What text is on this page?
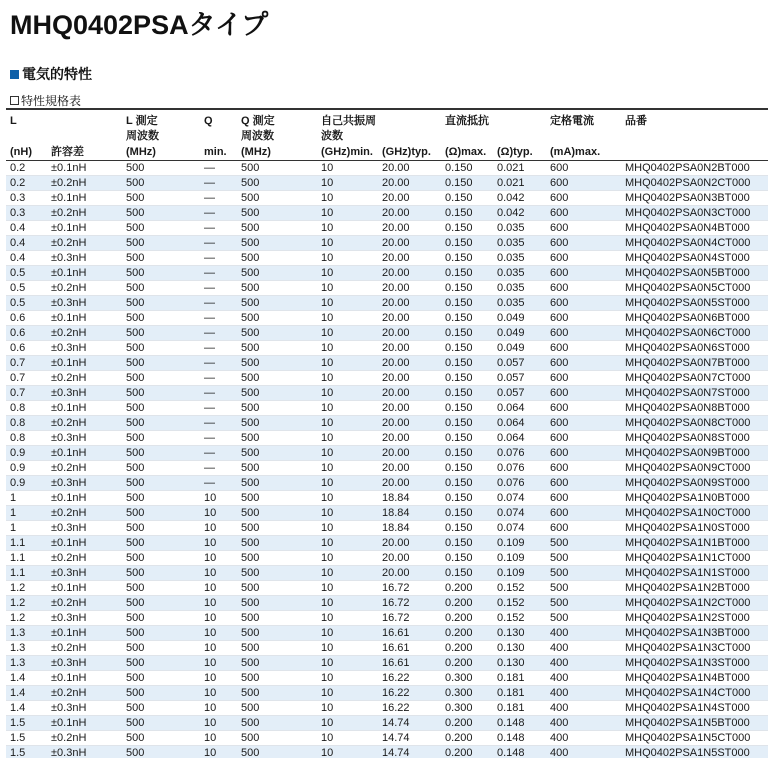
MHQ0402PSAタイプ
電気的特性
特性規格表
L		L 測定
周波数	Q	Q 測定
周波数	自己共振周波数		直流抵抗		定格電流	品番
(nH)	許容差	(MHz)	min.	(MHz)	(GHz)min.	(GHz)typ.	(Ω)max.	(Ω)typ.	(mA)max.	
0.2	±0.1nH	500	—	500	10	20.00	0.150	0.021	600	MHQ0402PSA0N2BT000
0.2	±0.2nH	500	—	500	10	20.00	0.150	0.021	600	MHQ0402PSA0N2CT000
0.3	±0.1nH	500	—	500	10	20.00	0.150	0.042	600	MHQ0402PSA0N3BT000
0.3	±0.2nH	500	—	500	10	20.00	0.150	0.042	600	MHQ0402PSA0N3CT000
0.4	±0.1nH	500	—	500	10	20.00	0.150	0.035	600	MHQ0402PSA0N4BT000
0.4	±0.2nH	500	—	500	10	20.00	0.150	0.035	600	MHQ0402PSA0N4CT000
0.4	±0.3nH	500	—	500	10	20.00	0.150	0.035	600	MHQ0402PSA0N4ST000
0.5	±0.1nH	500	—	500	10	20.00	0.150	0.035	600	MHQ0402PSA0N5BT000
0.5	±0.2nH	500	—	500	10	20.00	0.150	0.035	600	MHQ0402PSA0N5CT000
0.5	±0.3nH	500	—	500	10	20.00	0.150	0.035	600	MHQ0402PSA0N5ST000
0.6	±0.1nH	500	—	500	10	20.00	0.150	0.049	600	MHQ0402PSA0N6BT000
0.6	±0.2nH	500	—	500	10	20.00	0.150	0.049	600	MHQ0402PSA0N6CT000
0.6	±0.3nH	500	—	500	10	20.00	0.150	0.049	600	MHQ0402PSA0N6ST000
0.7	±0.1nH	500	—	500	10	20.00	0.150	0.057	600	MHQ0402PSA0N7BT000
0.7	±0.2nH	500	—	500	10	20.00	0.150	0.057	600	MHQ0402PSA0N7CT000
0.7	±0.3nH	500	—	500	10	20.00	0.150	0.057	600	MHQ0402PSA0N7ST000
0.8	±0.1nH	500	—	500	10	20.00	0.150	0.064	600	MHQ0402PSA0N8BT000
0.8	±0.2nH	500	—	500	10	20.00	0.150	0.064	600	MHQ0402PSA0N8CT000
0.8	±0.3nH	500	—	500	10	20.00	0.150	0.064	600	MHQ0402PSA0N8ST000
0.9	±0.1nH	500	—	500	10	20.00	0.150	0.076	600	MHQ0402PSA0N9BT000
0.9	±0.2nH	500	—	500	10	20.00	0.150	0.076	600	MHQ0402PSA0N9CT000
0.9	±0.3nH	500	—	500	10	20.00	0.150	0.076	600	MHQ0402PSA0N9ST000
1	±0.1nH	500	10	500	10	18.84	0.150	0.074	600	MHQ0402PSA1N0BT000
1	±0.2nH	500	10	500	10	18.84	0.150	0.074	600	MHQ0402PSA1N0CT000
1	±0.3nH	500	10	500	10	18.84	0.150	0.074	600	MHQ0402PSA1N0ST000
1.1	±0.1nH	500	10	500	10	20.00	0.150	0.109	500	MHQ0402PSA1N1BT000
1.1	±0.2nH	500	10	500	10	20.00	0.150	0.109	500	MHQ0402PSA1N1CT000
1.1	±0.3nH	500	10	500	10	20.00	0.150	0.109	500	MHQ0402PSA1N1ST000
1.2	±0.1nH	500	10	500	10	16.72	0.200	0.152	500	MHQ0402PSA1N2BT000
1.2	±0.2nH	500	10	500	10	16.72	0.200	0.152	500	MHQ0402PSA1N2CT000
1.2	±0.3nH	500	10	500	10	16.72	0.200	0.152	500	MHQ0402PSA1N2ST000
1.3	±0.1nH	500	10	500	10	16.61	0.200	0.130	400	MHQ0402PSA1N3BT000
1.3	±0.2nH	500	10	500	10	16.61	0.200	0.130	400	MHQ0402PSA1N3CT000
1.3	±0.3nH	500	10	500	10	16.61	0.200	0.130	400	MHQ0402PSA1N3ST000
1.4	±0.1nH	500	10	500	10	16.22	0.300	0.181	400	MHQ0402PSA1N4BT000
1.4	±0.2nH	500	10	500	10	16.22	0.300	0.181	400	MHQ0402PSA1N4CT000
1.4	±0.3nH	500	10	500	10	16.22	0.300	0.181	400	MHQ0402PSA1N4ST000
1.5	±0.1nH	500	10	500	10	14.74	0.200	0.148	400	MHQ0402PSA1N5BT000
1.5	±0.2nH	500	10	500	10	14.74	0.200	0.148	400	MHQ0402PSA1N5CT000
1.5	±0.3nH	500	10	500	10	14.74	0.200	0.148	400	MHQ0402PSA1N5ST000
